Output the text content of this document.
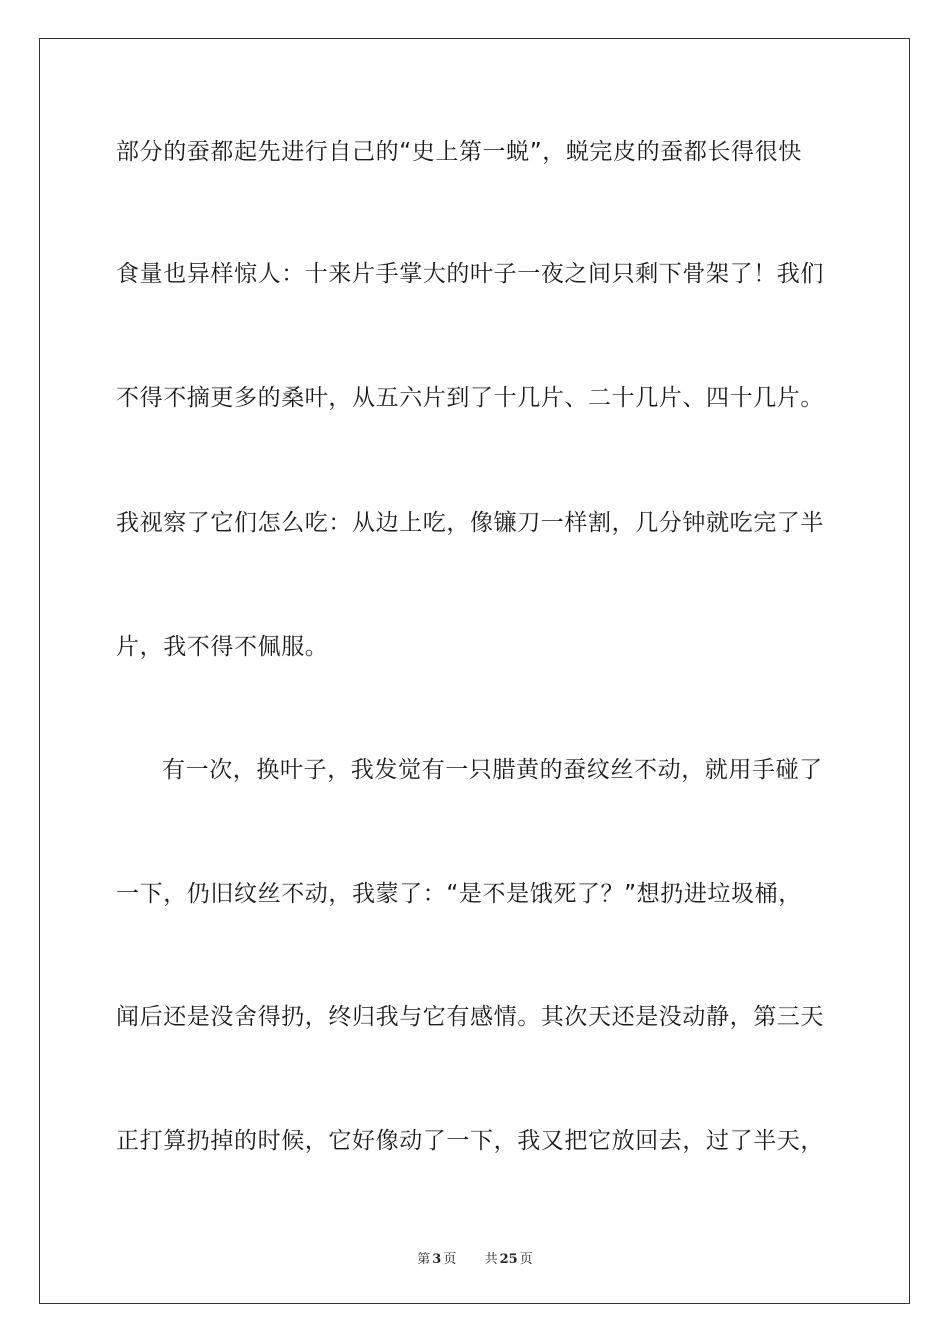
部分的蚕都起先进行自己的“史上第一蜕”，蜕完皮的蚕都长得很快
食量也异样惊人：十来片手掌大的叶子一夜之间只剩下骨架了！我们
不得不摘更多的桑叶，从五六片到了十几片、二十几片、四十几片。
我视察了它们怎么吃：从边上吃，像镰刀一样割，几分钟就吃完了半
片，我不得不佩服。
有一次，换叶子，我发觉有一只腊黄的蚕纹丝不动，就用手碰了
一下，仍旧纹丝不动，我蒙了：“是不是饿死了？”想扔进垃圾桶，
闻后还是没舍得扔，终归我与它有感情。其次天还是没动静，第三天
正打算扔掉的时候，它好像动了一下，我又把它放回去，过了半天，
第 3 页 共 25 页
